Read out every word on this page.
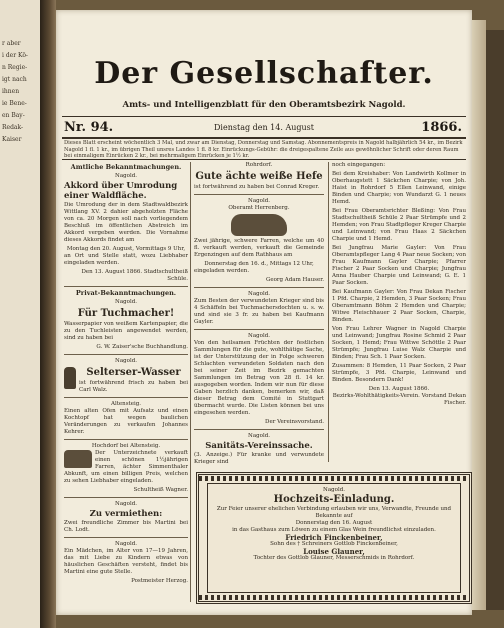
r aber
i der Kö-
n Regie-
igt nach
ihnen
ie Bene-
en Bay-
Redak-
Kaiser
Der Gesellschafter.
Amts- und Intelligenzblatt für den Oberamtsbezirk Nagold.
Nr. 94.	Dienstag den 14. August	1866.
Dieses Blatt erscheint wöchentlich 3 Mal, und zwar am Dienstag, Donnerstag und Samstag. Abonnementspreis in Nagold halbjährlich 54 kr., im Bezirk Nagold 1 fl. 1 kr., im übrigen Theil unsres Landes 1 fl. 8 kr. Einrückungs-Gebühr: die dreigespaltene Zeile aus gewöhnlicher Schrift oder deren Raum bei einmaligem Einrücken 2 kr., bei mehrmaligem Einrücken je 1½ kr.
Amtliche Bekanntmachungen.
Nagold.
Akkord über Umrodung einer Waldfläche.
Die Umrodung der in dem Stadtwaldbezirk Wittlang XV. 2 dahier abgeholzten Fläche von ca. 20 Morgen soll nach vorliegendem Beschluß im öffentlichen Abstreich im Akkord vergeben werden. Die Vornahme dieses Akkords findet am
Montag den 20. August, Vormittags 9 Uhr,
an Ort und Stelle statt, wozu Liebhaber eingeladen werden.
Den 13. August 1866. Stadtschultheiß Schüle.
Privat-Bekanntmachungen.
Nagold.
Für Tuchmacher!
Wasserpapier von weißem Kartenpapier, die zu den Tuchleisten angewendet werden, sind zu haben bei
G. W. Zaiser'sche Buchhandlung.
Nagold.
Selterser-Wasser
ist fortwährend frisch zu haben bei Carl Walz.
Altensteig.
Einen alten Ofen mit Aufsatz und einen Kochtopf hat wegen baulichen Veränderungen zu verkaufen Johannes Kehrer.
Hochdorf bei Altensteig.
Der Unterzeichnete verkauft einen schönen 1½jährigen Farren, ächter Simmenthaler Abkunft, um einen billigen Preis, welchen zu sehen Liebhaber eingeladen.
Schultheiß Wagner.
Nagold.
Zu vermiethen:
Zwei freundliche Zimmer bis Martini bei Ch. Lodt.
Nagold.
Ein Mädchen, im Alter von 17—19 Jahren, das mit Liebe zu Kindern etwas von häuslichen Geschäften versteht, findet bis Martini eine gute Stelle.
Postmeister Herzog.
Rohrdorf.
Gute ächte weiße Hefe
ist fortwährend zu haben bei Conrad Kreger.
Nagold.
Oberamt Herrenberg.
Zwei jährige, schwere Farren, welche um 40 fl. verkauft werden, verkauft die Gemeinde Ergenzingen auf dem Rathhaus am
Donnerstag den 16. d., Mittags 12 Uhr,
eingeladen werden.
Georg Adam Hauser.
Nagold.
Zum Besten der verwundeten Krieger sind bis 4 Schäffeln bei Tuchmachersdochten u. s. w. und sind sie 3 fr. zu haben bei Kaufmann Gayler.
Nagold.
Von den heilsamen Früchten der festlichen Sammlungen für die gute, wohlthätige Sache, ist der Unterstützung der in Folge schweren Schlachten verwundeten Soldaten nach den bei seiner Zeit im Bezirk gemachten Sammlungen im Betrag von 28 fl. 14 kr. ausgegeben worden. Indem wir nun für diese Gaben herzlich danken, bemerken wir, daß dieser Betrag dem Comité in Stuttgart übermacht wurde. Die Listen können bei uns eingesehen werden.
Der Vereinsvorstand.
Nagold.
Sanitäts-Vereinssache.
(3. Anzeige.) Für kranke und verwundete Krieger sind
noch eingegangen:
Bei dem Kreishaber: Von Landwirth Kollmer in Oberhaugstett 1 Säckchen Charpie; von Joh. Haist in Rohrdorf 5 Ellen Leinwand, einige Binden und Charpie; von Wundarzt G. 1 neues Hemd.
Bei Frau Oberamtsrichter Bleßing: Von Frau Stadtschultheiß Schüle 2 Paar Strümpfe und 2 Hemden; von Frau Stadtpfleger Kreger Charpie und Leinwand; von Frau Haas 2 Säckchen Charpie und 1 Hemd.
Bei Jungfrau Marie Gayler: Von Frau Oberamtspfleger Lang 4 Paar neue Socken; von Frau Kaufmann Gayler Charpie; Pfarrer Fischer 2 Paar Socken und Charpie; Jungfrau Anna Hauber Charpie und Leinwand; G. E. 1 Paar Socken.
Bei Kaufmann Gayler: Von Frau Dekan Fischer 1 Pfd. Charpie, 2 Hemden, 3 Paar Socken; Frau Oberamtmann Böhm 2 Hemden und Charpie; Witwe Fleischhauer 2 Paar Socken, Charpie, Binden.
Von Frau Lehrer Wagner in Nagold Charpie und Leinwand; Jungfrau Rosine Schmid 2 Paar Socken, 1 Hemd; Frau Wittwe Schöttle 2 Paar Strümpfe; Jungfrau Luise Walz Charpie und Binden; Frau Sch. 1 Paar Socken.
Zusammen: 8 Hemden, 11 Paar Socken, 2 Paar Strümpfe, 3 Pfd. Charpie, Leinwand und Binden. Besondern Dank!
Den 13. August 1866.
Bezirks-Wohlthätigkeits-Verein. Vorstand Dekan Fischer.
Nagold.
Hochzeits-Einladung.
Zur Feier unserer ehelichen Verbindung erlauben wir uns, Verwandte, Freunde und Bekannte auf
Donnerstag den 16. August
in das Gasthaus zum Löwen zu einem Glas Wein freundlichst einzuladen.
Friedrich Finckenbeiner,
Sohn des † Schreiners Gottlob Finckenbeiner,
Louise Glauner,
Tochter des Gottlob Glauner, Messerschmids in Rohrdorf.
